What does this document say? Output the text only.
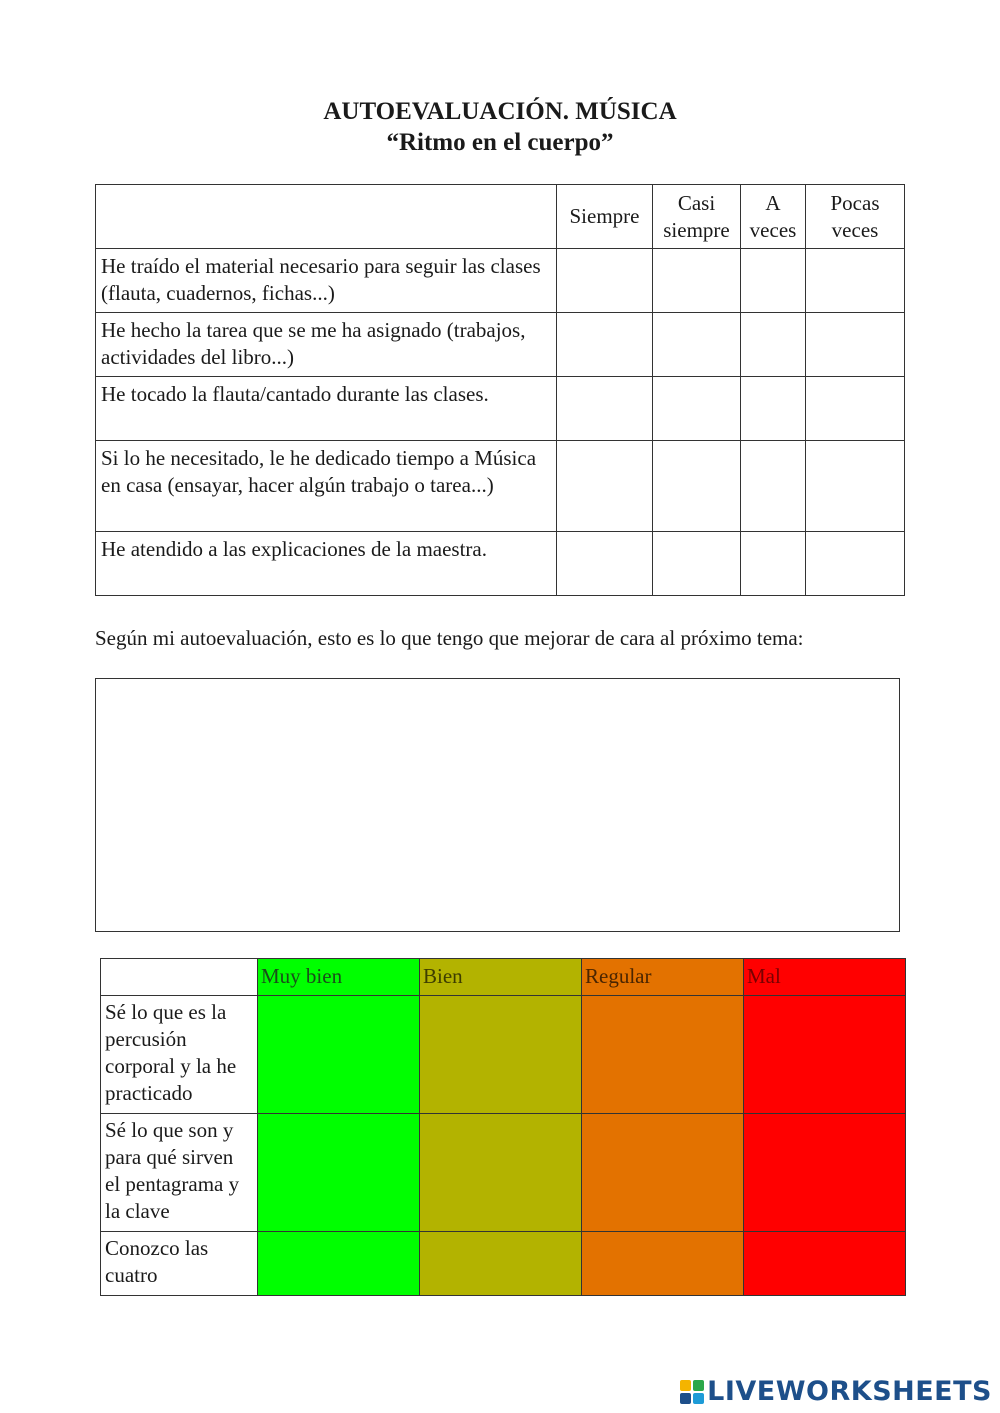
AUTOEVALUACIÓN. MÚSICA
“Ritmo en el cuerpo”
	Siempre	Casi siempre	A veces	Pocas veces
He traído el material necesario para seguir las clases (flauta, cuadernos, fichas...)				
He hecho la tarea que se me ha asignado (trabajos, actividades del libro...)				
He tocado la flauta/cantado durante las clases.				
Si lo he necesitado, le he dedicado tiempo a Música en casa (ensayar, hacer algún trabajo o tarea...)				
He atendido a las explicaciones de la maestra.				
Según mi autoevaluación, esto es lo que tengo que mejorar de cara al próximo tema:
	Muy bien	Bien	Regular	Mal
Sé lo que es la percusión corporal y la he practicado				
Sé lo que son y para qué sirven el pentagrama y la clave				
Conozco las cuatro				
LIVEWORKSHEETS
